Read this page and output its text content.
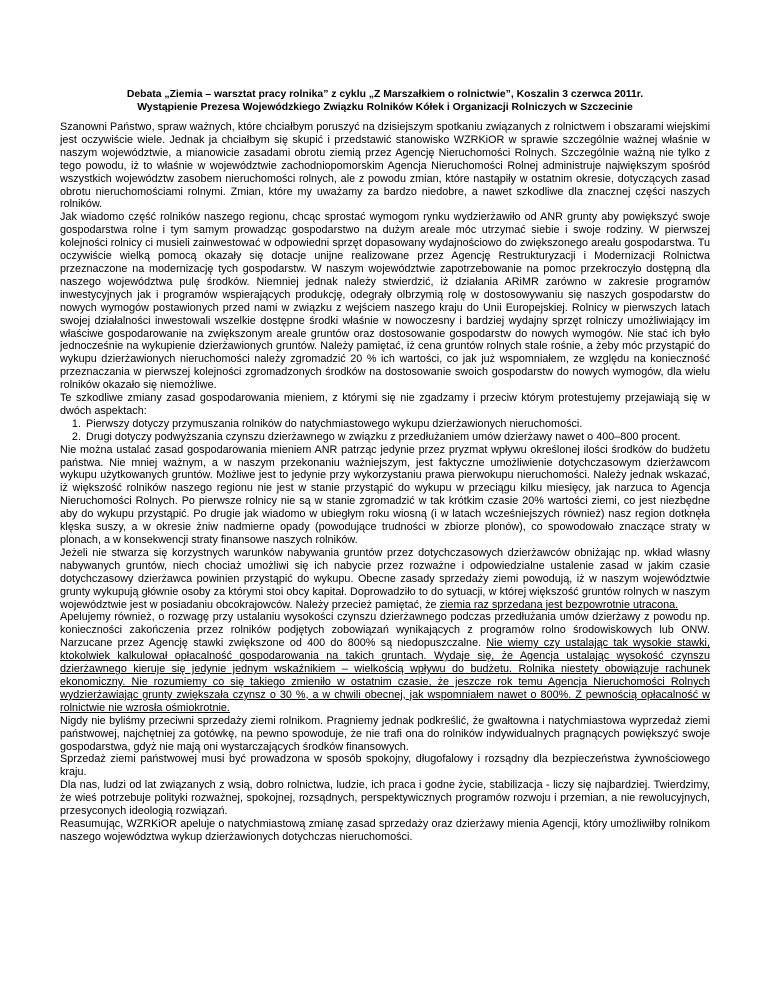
Debata „Ziemia – warsztat pracy rolnika” z cyklu „Z Marszałkiem o rolnictwie”, Koszalin 3 czerwca 2011r.
Wystąpienie Prezesa Wojewódzkiego Związku Rolników Kółek i Organizacji Rolniczych w Szczecinie

Szanowni Państwo, spraw ważnych, które chciałbym poruszyć na dzisiejszym spotkaniu związanych z rolnictwem i obszarami wiejskimi jest oczywiście wiele. Jednak ja chciałbym się skupić i przedstawić stanowisko WZRKiOR w sprawie szczególnie ważnej właśnie w naszym województwie, a mianowicie zasadami obrotu ziemią przez Agencję Nieruchomości Rolnych. Szczególnie ważną nie tylko z tego powodu, iż to właśnie w województwie zachodniopomorskim Agencja Nieruchomości Rolnej administruje największym spośród wszystkich województw zasobem nieruchomości rolnych, ale z powodu zmian, które nastąpiły w ostatnim okresie, dotyczących zasad obrotu nieruchomościami rolnymi. Zmian, które my uważamy za bardzo niedobre, a nawet szkodliwe dla znacznej części naszych rolników.

Jak wiadomo część rolników naszego regionu, chcąc sprostać wymogom rynku wydzierżawiło od ANR grunty aby powiększyć swoje gospodarstwa rolne i tym samym prowadząc gospodarstwo na dużym areale móc utrzymać siebie i swoje rodziny. W pierwszej kolejności rolnicy ci musieli zainwestować w odpowiedni sprzęt dopasowany wydajnościowo do zwiększonego areału gospodarstwa. Tu oczywiście wielką pomocą okazały się dotacje unijne realizowane przez Agencję Restrukturyzacji i Modernizacji Rolnictwa przeznaczone na modernizację tych gospodarstw. W naszym województwie zapotrzebowanie na pomoc przekroczyło dostępną dla naszego województwa pulę środków. Niemniej jednak należy stwierdzić, iż działania ARiMR zarówno w zakresie programów inwestycyjnych jak i programów wspierających produkcję, odegrały olbrzymią rolę w dostosowywaniu się naszych gospodarstw do nowych wymogów postawionych przed nami w związku z wejściem naszego kraju do Unii Europejskiej. Rolnicy w pierwszych latach swojej działalności inwestowali wszelkie dostępne środki właśnie w nowoczesny i bardziej wydajny sprzęt rolniczy umożliwiający im właściwe gospodarowanie na zwiększonym areale gruntów oraz dostosowanie gospodarstw do nowych wymogów. Nie stać ich było jednocześnie na wykupienie dzierżawionych gruntów. Należy pamiętać, iż cena gruntów rolnych stale rośnie, a żeby móc przystąpić do wykupu dzierżawionych nieruchomości należy zgromadzić 20 % ich wartości, co jak już wspomniałem, ze względu na konieczność przeznaczania w pierwszej kolejności zgromadzonych środków na dostosowanie swoich gospodarstw do nowych wymogów, dla wielu rolników okazało się niemożliwe.

Te szkodliwe zmiany zasad gospodarowania mieniem, z którymi się nie zgadzamy i przeciw którym protestujemy przejawiają się w dwóch aspektach:

1. Pierwszy dotyczy przymuszania rolników do natychmiastowego wykupu dzierżawionych nieruchomości.
2. Drugi dotyczy podwyższania czynszu dzierżawnego w związku z przedłużaniem umów dzierżawy nawet o 400–800 procent.

Nie można ustalać zasad gospodarowania mieniem ANR patrząc jedynie przez pryzmat wpływu określonej ilości środków do budżetu państwa. Nie mniej ważnym, a w naszym przekonaniu ważniejszym, jest faktyczne umożliwienie dotychczasowym dzierżawcom wykupu użytkowanych gruntów. Możliwe jest to jedynie przy wykorzystaniu prawa pierwokupu nieruchomości. Należy jednak wskazać, iż większość rolników naszego regionu nie jest w stanie przystąpić do wykupu w przeciągu kilku miesięcy, jak narzuca to Agencja Nieruchomości Rolnych. Po pierwsze rolnicy nie są w stanie zgromadzić w tak krótkim czasie 20% wartości ziemi, co jest niezbędne aby do wykupu przystąpić. Po drugie jak wiadomo w ubiegłym roku wiosną (i w latach wcześniejszych również) nasz region dotknęła klęska suszy, a w okresie żniw nadmierne opady (powodujące trudności w zbiorze plonów), co spowodowało znaczące straty w plonach, a w konsekwencji straty finansowe naszych rolników.

Jeżeli nie stwarza się korzystnych warunków nabywania gruntów przez dotychczasowych dzierżawców obniżając np. wkład własny nabywanych gruntów, niech chociaż umożliwi się ich nabycie przez rozważne i odpowiedzialne ustalenie zasad w jakim czasie dotychczasowy dzierżawca powinien przystąpić do wykupu. Obecne zasady sprzedaży ziemi powodują, iż w naszym województwie grunty wykupują głównie osoby za którymi stoi obcy kapitał. Doprowadziło to do sytuacji, w której większość gruntów rolnych w naszym województwie jest w posiadaniu obcokrajowców. Należy przecież pamiętać, że ziemia raz sprzedana jest bezpowrotnie utracona.

Apelujemy również, o rozwagę przy ustalaniu wysokości czynszu dzierżawnego podczas przedłużania umów dzierżawy z powodu np. konieczności zakończenia przez rolników podjętych zobowiązań wynikających z programów rolno środowiskowych lub ONW. Narzucane przez Agencję stawki zwiększone od 400 do 800% są niedopuszczalne. Nie wiemy czy ustalając tak wysokie stawki, ktokolwiek kalkulował opłacalność gospodarowania na takich gruntach. Wydaje się, że Agencja ustalając wysokość czynszu dzierżawnego kieruje się jedynie jednym wskaźnikiem – wielkością wpływu do budżetu. Rolnika niestety obowiązuje rachunek ekonomiczny. Nie rozumiemy co się takiego zmieniło w ostatnim czasie, że jeszcze rok temu Agencja Nieruchomości Rolnych wydzierżawiając grunty zwiększała czynsz o 30 %, a w chwili obecnej, jak wspomniałem nawet o 800%. Z pewnością opłacalność w rolnictwie nie wzrosła ośmiokrotnie.

Nigdy nie byliśmy przeciwni sprzedaży ziemi rolnikom. Pragniemy jednak podkreślić, że gwałtowna i natychmiastowa wyprzedaż ziemi państwowej, najchętniej za gotówkę, na pewno spowoduje, że nie trafi ona do rolników indywidualnych pragnących powiększyć swoje gospodarstwa, gdyż nie mają oni wystarczających środków finansowych.

Sprzedaż ziemi państwowej musi być prowadzona w sposób spokojny, długofalowy i rozsądny dla bezpieczeństwa żywnościowego kraju.

Dla nas, ludzi od lat związanych z wsią, dobro rolnictwa, ludzie, ich praca i godne życie, stabilizacja - liczy się najbardziej. Twierdzimy, że wieś potrzebuje polityki rozważnej, spokojnej, rozsądnych, perspektywicznych programów rozwoju i przemian, a nie rewolucyjnych, przesyconych ideologią rozwiązań.

Reasumując, WZRKiOR apeluje o natychmiastową zmianę zasad sprzedaży oraz dzierżawy mienia Agencji, który umożliwiłby rolnikom naszego województwa wykup dzierżawionych dotychczas nieruchomości.
